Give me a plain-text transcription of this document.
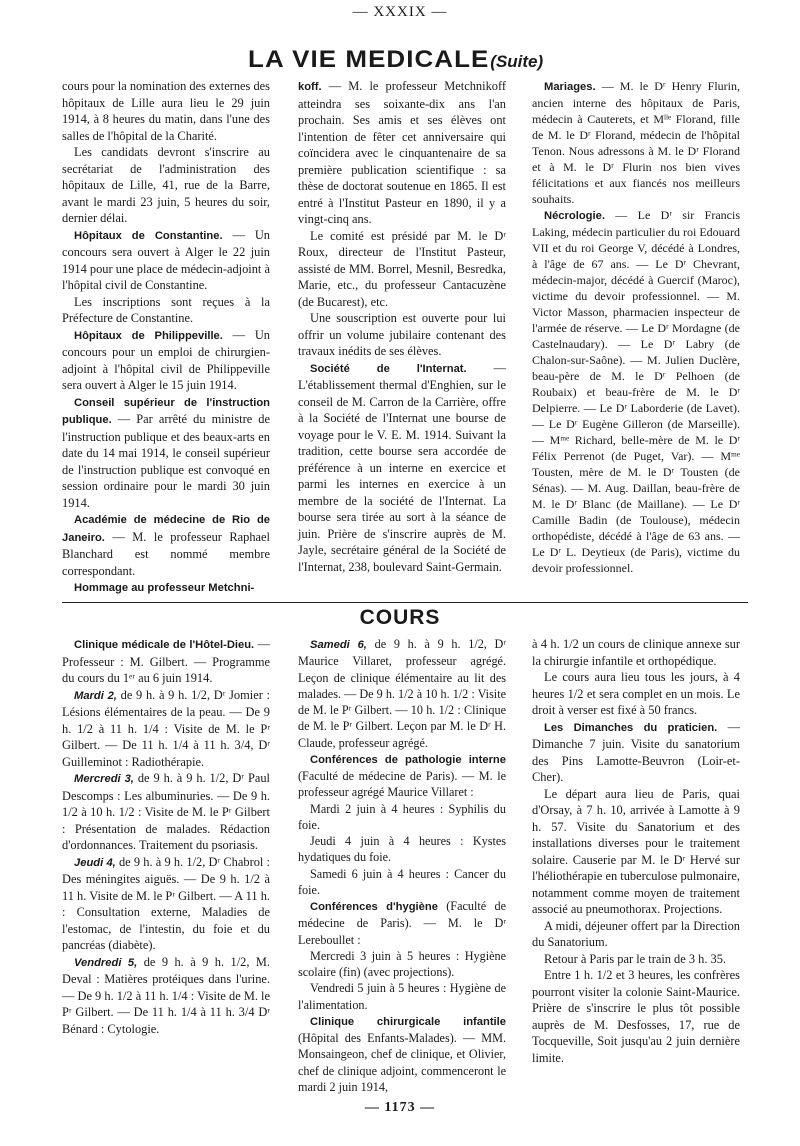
— XXXIX —
LA VIE MEDICALE(Suite)

cours pour la nomination des externes des hôpitaux de Lille aura lieu le 29 juin 1914, à 8 heures du matin, dans l'une des salles de l'hôpital de la Charité.

Les candidats devront s'inscrire au secrétariat de l'administration des hôpitaux de Lille, 41, rue de la Barre, avant le mardi 23 juin, 5 heures du soir, dernier délai.

Hôpitaux de Constantine. — Un concours sera ouvert à Alger le 22 juin 1914 pour une place de médecin-adjoint à l'hôpital civil de Constantine.

Les inscriptions sont reçues à la Préfecture de Constantine.

Hôpitaux de Philippeville. — Un concours pour un emploi de chirurgien-adjoint à l'hôpital civil de Philippeville sera ouvert à Alger le 15 juin 1914.

Conseil supérieur de l'instruction publique. — Par arrêté du ministre de l'instruction publique et des beaux-arts en date du 14 mai 1914, le conseil supérieur de l'instruction publique est convoqué en session ordinaire pour le mardi 30 juin 1914.

Académie de médecine de Rio de Janeiro. — M. le professeur Raphael Blanchard est nommé membre correspondant.

Hommage au professeur Metchni-

koff. — M. le professeur Metchnikoff atteindra ses soixante-dix ans l'an prochain. Ses amis et ses élèves ont l'intention de fêter cet anniversaire qui coïncidera avec le cinquantenaire de sa première publication scientifique : sa thèse de doctorat soutenue en 1865. Il est entré à l'Institut Pasteur en 1890, il y a vingt-cinq ans.

Le comité est présidé par M. le Dʳ Roux, directeur de l'Institut Pasteur, assisté de MM. Borrel, Mesnil, Besredka, Marie, etc., du professeur Cantacuzène (de Bucarest), etc.

Une souscription est ouverte pour lui offrir un volume jubilaire contenant des travaux inédits de ses élèves.

Société de l'Internat. — L'établissement thermal d'Enghien, sur le conseil de M. Carron de la Carrière, offre à la Société de l'Internat une bourse de voyage pour le V. E. M. 1914. Suivant la tradition, cette bourse sera accordée de préférence à un interne en exercice et parmi les internes en exercice à un membre de la société de l'Internat. La bourse sera tirée au sort à la séance de juin. Prière de s'inscrire auprès de M. Jayle, secrétaire général de la Société de l'Internat, 238, boulevard Saint-Germain.

Mariages. — M. le Dʳ Henry Flurin, ancien interne des hôpitaux de Paris, médecin à Cauterets, et Mˡˡᵉ Florand, fille de M. le Dʳ Florand, médecin de l'hôpital Tenon. Nous adressons à M. le Dʳ Florand et à M. le Dʳ Flurin nos bien vives félicitations et aux fiancés nos meilleurs souhaits.

Nécrologie. — Le Dʳ sir Francis Laking, médecin particulier du roi Edouard VII et du roi George V, décédé à Londres, à l'âge de 67 ans. — Le Dʳ Chevrant, médecin-major, décédé à Guercif (Maroc), victime du devoir professionnel. — M. Victor Masson, pharmacien inspecteur de l'armée de réserve. — Le Dʳ Mordagne (de Castelnaudary). — Le Dʳ Labry (de Chalon-sur-Saône). — M. Julien Duclère, beau-père de M. le Dʳ Pelhoen (de Roubaix) et beau-frère de M. le Dʳ Delpierre. — Le Dʳ Laborderie (de Lavet). — Le Dʳ Eugène Gilleron (de Marseille). — Mᵐᵉ Richard, belle-mère de M. le Dʳ Félix Perrenot (de Puget, Var). — Mᵐᵉ Tousten, mère de M. le Dʳ Tousten (de Sénas). — M. Aug. Daillan, beau-frère de M. le Dʳ Blanc (de Maillane). — Le Dʳ Camille Badin (de Toulouse), médecin orthopédiste, décédé à l'âge de 63 ans. — Le Dʳ L. Deytieux (de Paris), victime du devoir professionnel.

COURS

Clinique médicale de l'Hôtel-Dieu. — Professeur : M. Gilbert. — Programme du cours du 1ᵉʳ au 6 juin 1914.

Mardi 2, de 9 h. à 9 h. 1/2, Dʳ Jomier : Lésions élémentaires de la peau. — De 9 h. 1/2 à 11 h. 1/4 : Visite de M. le Pʳ Gilbert. — De 11 h. 1/4 à 11 h. 3/4, Dʳ Guilleminot : Radiothérapie.

Mercredi 3, de 9 h. à 9 h. 1/2, Dʳ Paul Descomps : Les albuminuries. — De 9 h. 1/2 à 10 h. 1/2 : Visite de M. le Pʳ Gilbert : Présentation de malades. Rédaction d'ordonnances. Traitement du psoriasis.

Jeudi 4, de 9 h. à 9 h. 1/2, Dʳ Chabrol : Des méningites aiguës. — De 9 h. 1/2 à 11 h. Visite de M. le Pʳ Gilbert. — A 11 h. : Consultation externe, Maladies de l'estomac, de l'intestin, du foie et du pancréas (diabète).

Vendredi 5, de 9 h. à 9 h. 1/2, M. Deval : Matières protéiques dans l'urine. — De 9 h. 1/2 à 11 h. 1/4 : Visite de M. le Pʳ Gilbert. — De 11 h. 1/4 à 11 h. 3/4 Dʳ Bénard : Cytologie.

Samedi 6, de 9 h. à 9 h. 1/2, Dʳ Maurice Villaret, professeur agrégé. Leçon de clinique élémentaire au lit des malades. — De 9 h. 1/2 à 10 h. 1/2 : Visite de M. le Pʳ Gilbert. — 10 h. 1/2 : Clinique de M. le Pʳ Gilbert. Leçon par M. le Dʳ H. Claude, professeur agrégé.

Conférences de pathologie interne (Faculté de médecine de Paris). — M. le professeur agrégé Maurice Villaret :

Mardi 2 juin à 4 heures : Syphilis du foie.

Jeudi 4 juin à 4 heures : Kystes hydatiques du foie.

Samedi 6 juin à 4 heures : Cancer du foie.

Conférences d'hygiène (Faculté de médecine de Paris). — M. le Dʳ Lereboullet :

Mercredi 3 juin à 5 heures : Hygiène scolaire (fin) (avec projections).

Vendredi 5 juin à 5 heures : Hygiène de l'alimentation.

Clinique chirurgicale infantile (Hôpital des Enfants-Malades). — MM. Monsaingeon, chef de clinique, et Olivier, chef de clinique adjoint, commenceront le mardi 2 juin 1914,

à 4 h. 1/2 un cours de clinique annexe sur la chirurgie infantile et orthopédique.

Le cours aura lieu tous les jours, à 4 heures 1/2 et sera complet en un mois. Le droit à verser est fixé à 50 francs.

Les Dimanches du praticien. — Dimanche 7 juin. Visite du sanatorium des Pins Lamotte-Beuvron (Loir-et-Cher).

Le départ aura lieu de Paris, quai d'Orsay, à 7 h. 10, arrivée à Lamotte à 9 h. 57. Visite du Sanatorium et des installations diverses pour le traitement solaire. Causerie par M. le Dʳ Hervé sur l'héliothérapie en tuberculose pulmonaire, notamment comme moyen de traitement associé au pneumothorax. Projections.

A midi, déjeuner offert par la Direction du Sanatorium.

Retour à Paris par le train de 3 h. 35.

Entre 1 h. 1/2 et 3 heures, les confrères pourront visiter la colonie Saint-Maurice. Prière de s'inscrire le plus tôt possible auprès de M. Desfosses, 17, rue de Tocqueville, Soit jusqu'au 2 juin dernière limite.

— 1173 —
